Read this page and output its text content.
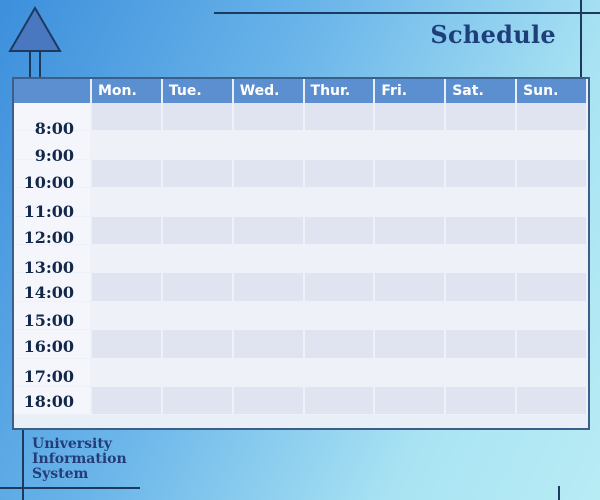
Schedule
	Mon.	Tue.	Wed.	Thur.	Fri.	Sat.	Sun.

8:00
9:00
10:00
11:00
12:00
13:00
14:00
15:00
16:00
17:00
18:00
University
Information
System
